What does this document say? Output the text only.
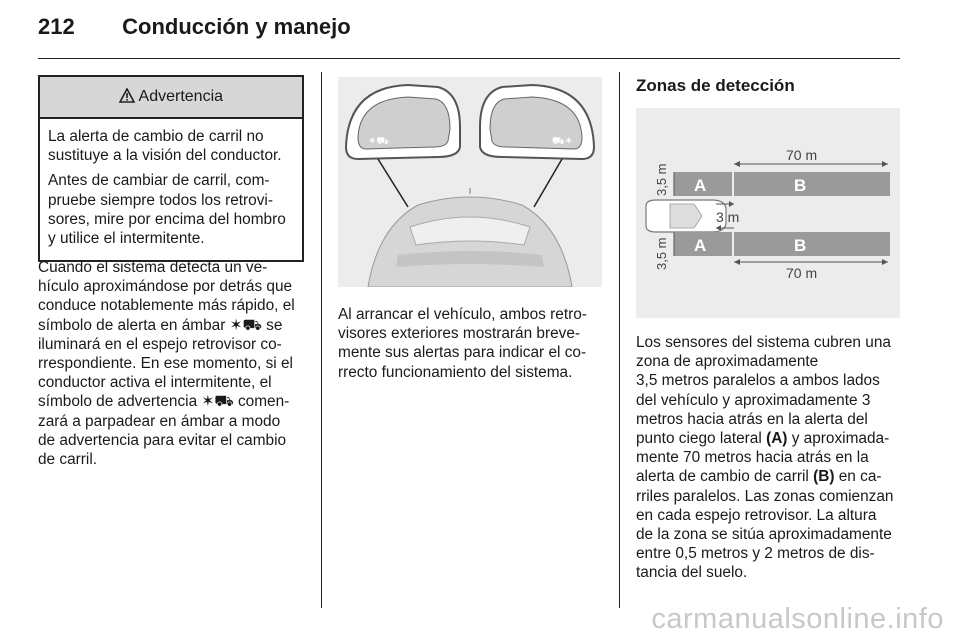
212 Conducción y manejo
Advertencia

La alerta de cambio de carril no sustituye a la visión del conductor.

Antes de cambiar de carril, com-pruebe siempre todos los retrovi-sores, mire por encima del hombro y utilice el intermitente.

Cuando el sistema detecta un ve-
hículo aproximándose por detrás que
conduce notablemente más rápido, el
símbolo de alerta en ámbar ✶⛟ se
iluminará en el espejo retrovisor co-
rrespondiente. En ese momento, si el
conductor activa el intermitente, el
símbolo de advertencia ✶⛟ comen-
zará a parpadear en ámbar a modo
de advertencia para evitar el cambio
de carril.
✶⛟	⛟✶
Al arrancar el vehículo, ambos retro-
visores exteriores mostrarán breve-
mente sus alertas para indicar el co-
rrecto funcionamiento del sistema.
Zonas de detección
70 m
A	B
3,5 m
3 m
A	B
3,5 m
70 m
Los sensores del sistema cubren una
zona de aproximadamente
3,5 metros paralelos a ambos lados
del vehículo y aproximadamente 3
metros hacia atrás en la alerta del
punto ciego lateral (A) y aproximada-
mente 70 metros hacia atrás en la
alerta de cambio de carril (B) en ca-
rriles paralelos. Las zonas comienzan
en cada espejo retrovisor. La altura
de la zona se sitúa aproximadamente
entre 0,5 metros y 2 metros de dis-
tancia del suelo.
carmanualsonline.info
